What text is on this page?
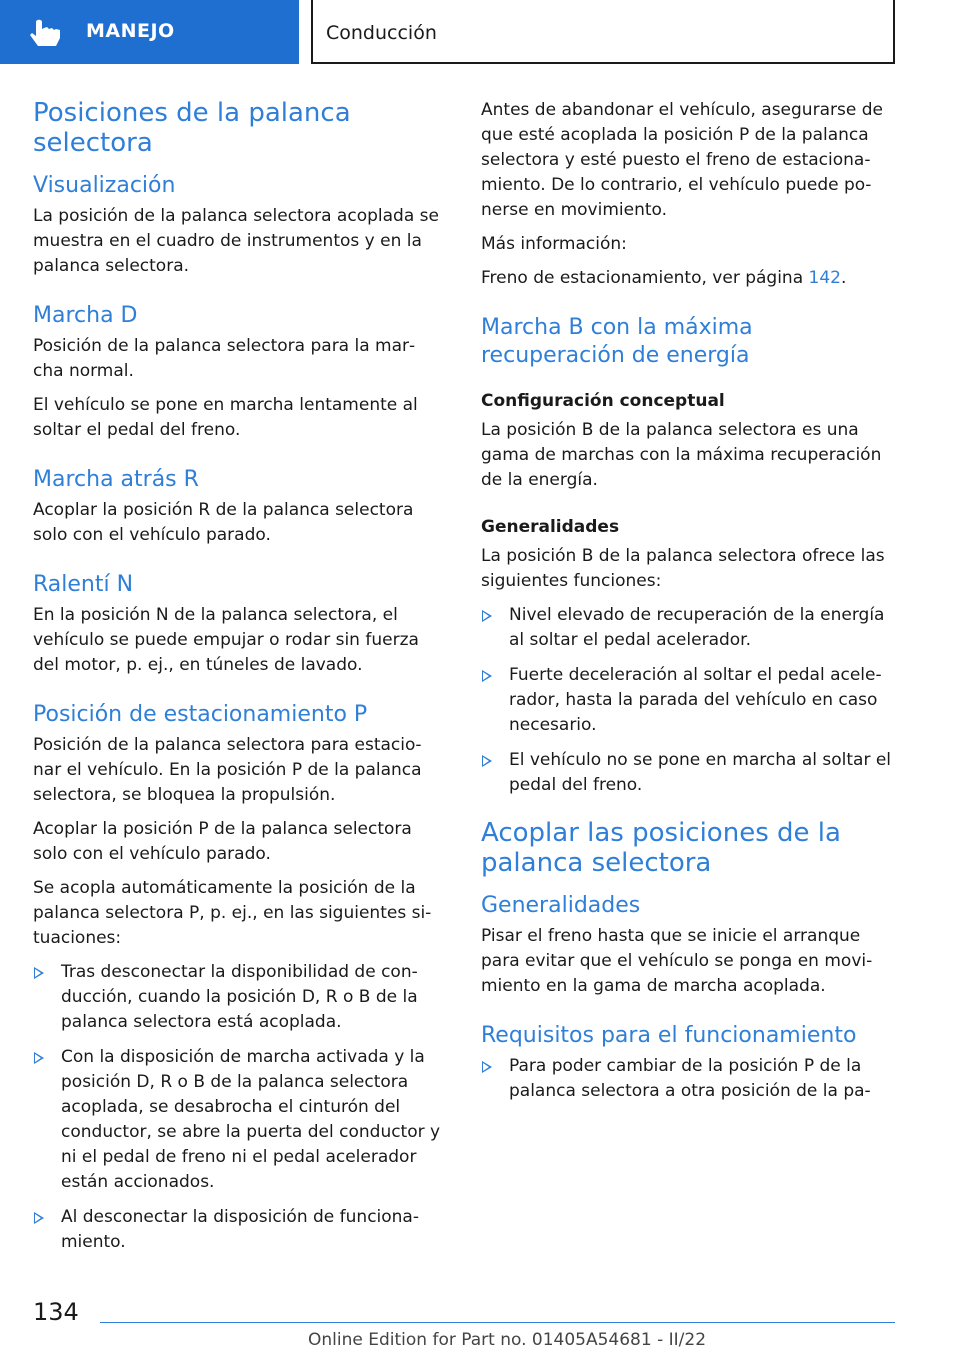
MANEJO	Conducción
Posiciones de la palanca selectora
Visualización

La posición de la palanca selectora acoplada se muestra en el cuadro de instrumentos y en la palanca selectora.

Marcha D

Posición de la palanca selectora para la mar‐cha normal.

El vehículo se pone en marcha lentamente al soltar el pedal del freno.

Marcha atrás R

Acoplar la posición R de la palanca selectora solo con el vehículo parado.

Ralentí N

En la posición N de la palanca selectora, el vehículo se puede empujar o rodar sin fuerza del motor, p. ej., en túneles de lavado.

Posición de estacionamiento P

Posición de la palanca selectora para estacio‐nar el vehículo. En la posición P de la palanca selectora, se bloquea la propulsión.

Acoplar la posición P de la palanca selectora solo con el vehículo parado.

Se acopla automáticamente la posición de la palanca selectora P, p. ej., en las siguientes si‐tuaciones:

Tras desconectar la disponibilidad de con‐ducción, cuando la posición D, R o B de la palanca selectora está acoplada.
Con la disposición de marcha activada y la posición D, R o B de la palanca selectora acoplada, se desabrocha el cinturón del conductor, se abre la puerta del conductor y ni el pedal de freno ni el pedal acelerador están accionados.
Al desconectar la disposición de funciona‐miento.

Antes de abandonar el vehículo, asegurarse de que esté acoplada la posición P de la palanca selectora y esté puesto el freno de estaciona‐miento. De lo contrario, el vehículo puede po‐nerse en movimiento.

Más información:

Freno de estacionamiento, ver página 142.

Marcha B con la máxima recuperación de energía
Configuración conceptual

La posición B de la palanca selectora es una gama de marchas con la máxima recuperación de la energía.

Generalidades

La posición B de la palanca selectora ofrece las siguientes funciones:

Nivel elevado de recuperación de la energía al soltar el pedal acelerador.
Fuerte deceleración al soltar el pedal acele‐rador, hasta la parada del vehículo en caso necesario.
El vehículo no se pone en marcha al soltar el pedal del freno.
Acoplar las posiciones de la palanca selectora
Generalidades

Pisar el freno hasta que se inicie el arranque para evitar que el vehículo se ponga en movi‐miento en la gama de marcha acoplada.

Requisitos para el funcionamiento
Para poder cambiar de la posición P de la palanca selectora a otra posición de la pa‐
134
Online Edition for Part no. 01405A54681 - II/22
